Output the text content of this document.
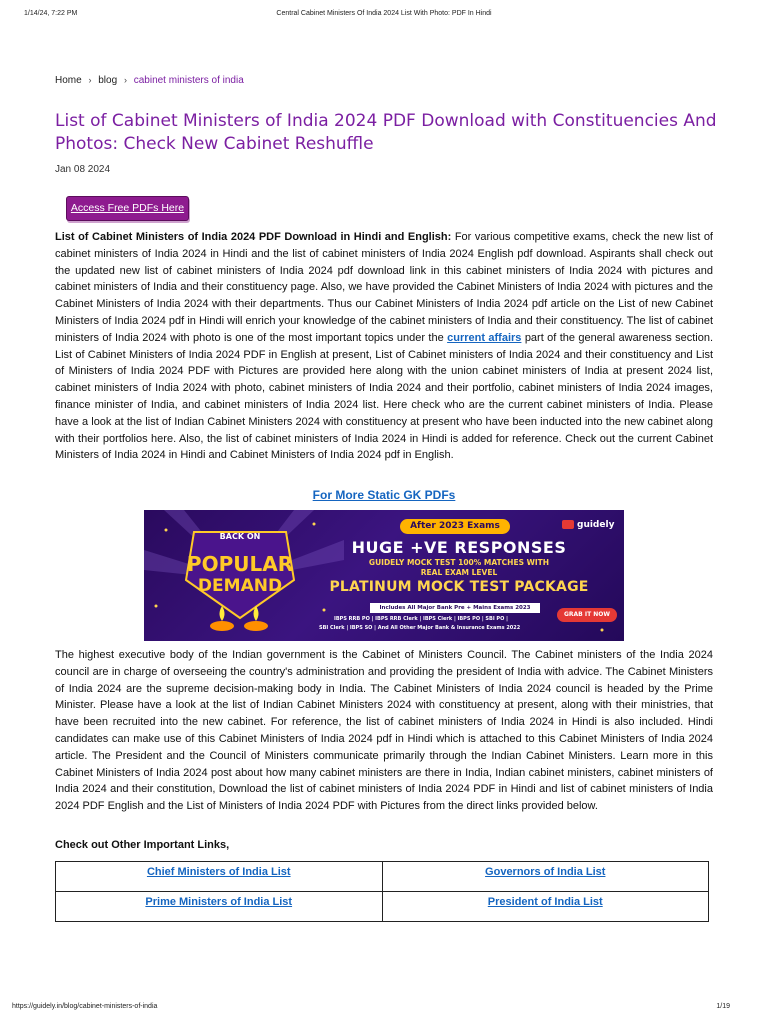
1/14/24, 7:22 PM	Central Cabinet Ministers Of India 2024 List With Photo: PDF In Hindi
Home › blog › cabinet ministers of india
List of Cabinet Ministers of India 2024 PDF Download with Constituencies And Photos: Check New Cabinet Reshuffle
Jan 08 2024
Access Free PDFs Here

List of Cabinet Ministers of India 2024 PDF Download in Hindi and English: For various competitive exams, check the new list of cabinet ministers of India 2024 in Hindi and the list of cabinet ministers of India 2024 English pdf download. Aspirants shall check out the updated new list of cabinet ministers of India 2024 pdf download link in this cabinet ministers of India 2024 with pictures and cabinet ministers of India and their constituency page. Also, we have provided the Cabinet Ministers of India 2024 with pictures and the Cabinet Ministers of India 2024 with their departments. Thus our Cabinet Ministers of India 2024 pdf article on the List of new Cabinet Ministers of India 2024 pdf in Hindi will enrich your knowledge of the cabinet ministers of India and their constituency. The list of cabinet ministers of India 2024 with photo is one of the most important topics under the current affairs part of the general awareness section. List of Cabinet Ministers of India 2024 PDF in English at present, List of Cabinet ministers of India 2024 and their constituency and List of Ministers of India 2024 PDF with Pictures are provided here along with the union cabinet ministers of India at present 2024 list, cabinet ministers of India 2024 with photo, cabinet ministers of India 2024 and their portfolio, cabinet ministers of India 2024 images, finance minister of India, and cabinet ministers of India 2024 list. Here check who are the current cabinet ministers of India. Please have a look at the list of Indian Cabinet Ministers 2024 with constituency at present who have been inducted into the new cabinet along with their portfolios here. Also, the list of cabinet ministers of India 2024 in Hindi is added for reference. Check out the current Cabinet Ministers of India 2024 in Hindi and Cabinet Ministers of India 2024 pdf in English.

For More Static GK PDFs
BACK ON
POPULAR
DEMAND
After 2023 Exams	guidely
HUGE +VE RESPONSES
GUIDELY MOCK TEST 100% MATCHES WITH
REAL EXAM LEVEL
PLATINUM MOCK TEST PACKAGE
Includes All Major Bank Pre + Mains Exams 2023
IBPS RRB PO | IBPS RRB Clerk | IBPS Clerk | IBPS PO | SBI PO |
SBI Clerk | IBPS SO | And All Other Major Bank & Insurance Exams 2022
GRAB IT NOW

The highest executive body of the Indian government is the Cabinet of Ministers Council. The Cabinet ministers of the India 2024 council are in charge of overseeing the country's administration and providing the president of India with advice. The Cabinet Ministers of India 2024 are the supreme decision-making body in India. The Cabinet Ministers of India 2024 council is headed by the Prime Minister. Please have a look at the list of Indian Cabinet Ministers 2024 with constituency at present, along with their ministries, that have been recruited into the new cabinet. For reference, the list of cabinet ministers of India 2024 in Hindi is also included. Hindi candidates can make use of this Cabinet Ministers of India 2024 pdf in Hindi which is attached to this Cabinet Ministers of India 2024 article. The President and the Council of Ministers communicate primarily through the Indian Cabinet Ministers. Learn more in this Cabinet Ministers of India 2024 post about how many cabinet ministers are there in India, Indian cabinet ministers, cabinet ministers of India 2024 and their constitution, Download the list of cabinet ministers of India 2024 PDF in Hindi and list of cabinet ministers of India 2024 PDF English and the List of Ministers of India 2024 PDF with Pictures from the direct links provided below.

Check out Other Important Links,

Chief Ministers of India List	Governors of India List
Prime Ministers of India List	President of India List
https://guidely.in/blog/cabinet-ministers-of-india	1/19
